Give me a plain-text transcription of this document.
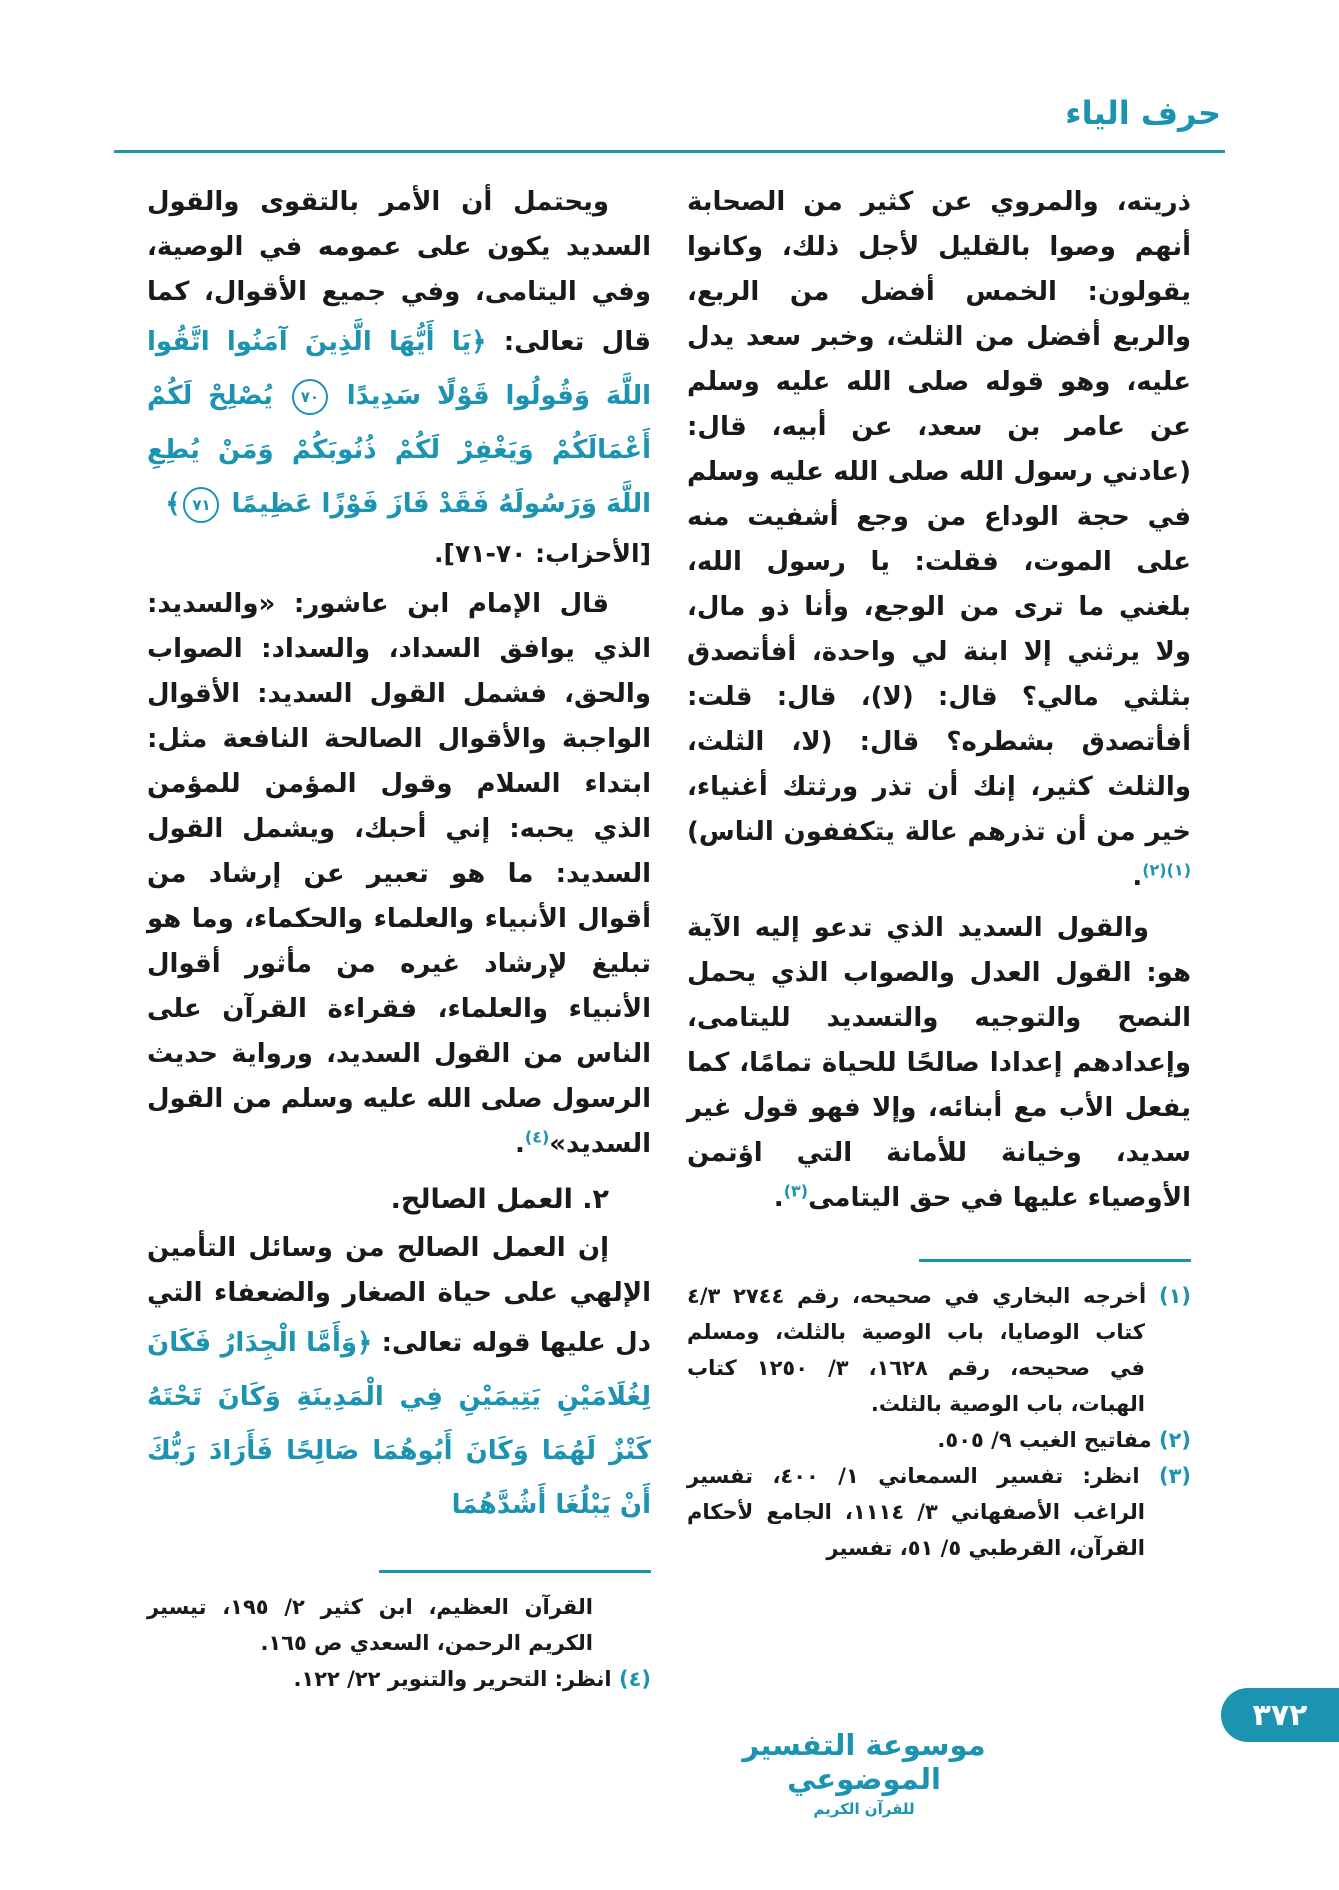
حرف الياء

ذريته، والمروي عن كثير من الصحابة أنهم وصوا بالقليل لأجل ذلك، وكانوا يقولون: الخمس أفضل من الربع، والربع أفضل من الثلث، وخبر سعد يدل عليه، وهو قوله صلى الله عليه وسلم عن عامر بن سعد، عن أبيه، قال: (عادني رسول الله صلى الله عليه وسلم في حجة الوداع من وجع أشفيت منه على الموت، فقلت: يا رسول الله، بلغني ما ترى من الوجع، وأنا ذو مال، ولا يرثني إلا ابنة لي واحدة، أفأتصدق بثلثي مالي؟ قال: (لا)، قال: قلت: أفأتصدق بشطره؟ قال: (لا، الثلث، والثلث كثير، إنك أن تذر ورثتك أغنياء، خير من أن تذرهم عالة يتكففون الناس)$^{(١)(٢)}$.

والقول السديد الذي تدعو إليه الآية هو: القول العدل والصواب الذي يحمل النصح والتوجيه والتسديد لليتامى، وإعدادهم إعدادا صالحًا للحياة تمامًا، كما يفعل الأب مع أبنائه، وإلا فهو قول غير سديد، وخيانة للأمانة التي اؤتمن الأوصياء عليها في حق اليتامى$^{(٣)}$.

(١) أخرجه البخاري في صحيحه، رقم ٢٧٤٤ ٤/٣ كتاب الوصايا، باب الوصية بالثلث، ومسلم في صحيحه، رقم ١٦٢٨، ٣/ ١٢٥٠ كتاب الهبات، باب الوصية بالثلث.
(٢) مفاتيح الغيب ٩/ ٥٠٥.
(٣) انظر: تفسير السمعاني ١/ ٤٠٠، تفسير الراغب الأصفهاني ٣/ ١١١٤، الجامع لأحكام القرآن، القرطبي ٥/ ٥١، تفسير

ويحتمل أن الأمر بالتقوى والقول السديد يكون على عمومه في الوصية، وفي اليتامى، وفي جميع الأقوال، كما قال تعالى: ﴿يَا أَيُّهَا الَّذِينَ آمَنُوا اتَّقُوا اللَّهَ وَقُولُوا قَوْلًا سَدِيدًا ٧٠ يُصْلِحْ لَكُمْ أَعْمَالَكُمْ وَيَغْفِرْ لَكُمْ ذُنُوبَكُمْ وَمَنْ يُطِعِ اللَّهَ وَرَسُولَهُ فَقَدْ فَازَ فَوْزًا عَظِيمًا ٧١﴾
[الأحزاب: ٧٠-٧١].

قال الإمام ابن عاشور: «والسديد: الذي يوافق السداد، والسداد: الصواب والحق، فشمل القول السديد: الأقوال الواجبة والأقوال الصالحة النافعة مثل: ابتداء السلام وقول المؤمن للمؤمن الذي يحبه: إني أحبك، ويشمل القول السديد: ما هو تعبير عن إرشاد من أقوال الأنبياء والعلماء والحكماء، وما هو تبليغ لإرشاد غيره من مأثور أقوال الأنبياء والعلماء، فقراءة القرآن على الناس من القول السديد، ورواية حديث الرسول صلى الله عليه وسلم من القول السديد»$^{(٤)}$.

٢. العمل الصالح.

إن العمل الصالح من وسائل التأمين الإلهي على حياة الصغار والضعفاء التي دل عليها قوله تعالى: ﴿وَأَمَّا الْجِدَارُ فَكَانَ لِغُلَامَيْنِ يَتِيمَيْنِ فِي الْمَدِينَةِ وَكَانَ تَحْتَهُ كَنْزٌ لَهُمَا وَكَانَ أَبُوهُمَا صَالِحًا فَأَرَادَ رَبُّكَ أَنْ يَبْلُغَا أَشُدَّهُمَا

القرآن العظيم، ابن كثير ٢/ ١٩٥، تيسير الكريم الرحمن، السعدي ص ١٦٥.
(٤) انظر: التحرير والتنوير ٢٢/ ١٢٢.
موسوعة التفسير الموضوعي
للقرآن الكريم
٣٧٢
